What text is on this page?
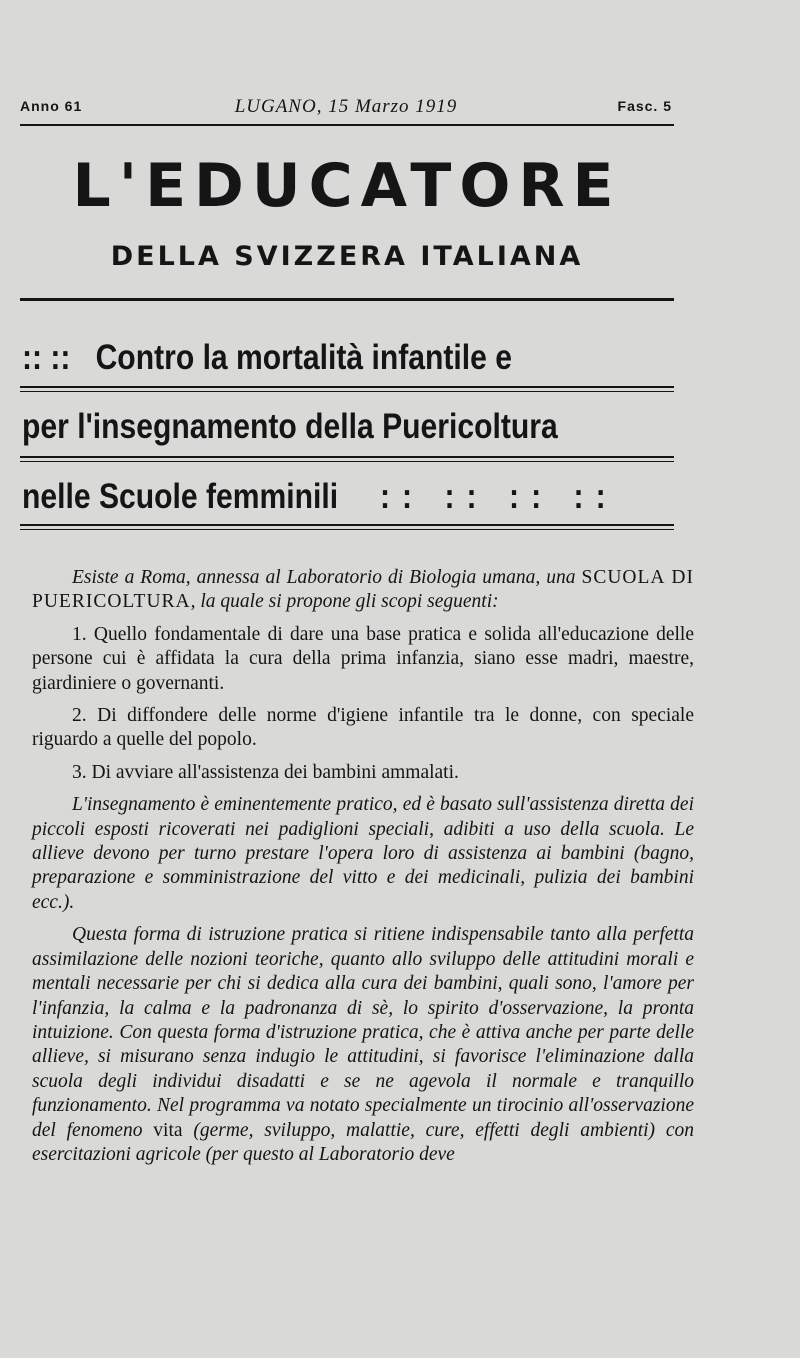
Anno 61	LUGANO, 15 Marzo 1919	Fasc. 5
L'EDUCATORE
DELLA SVIZZERA ITALIANA
:: :: Contro la mortalità infantile e
per l'insegnamento della Puericoltura
nelle Scuole femminili :: :: :: ::

Esiste a Roma, annessa al Laboratorio di Biologia umana, una SCUOLA DI PUERICOLTURA, la quale si propone gli scopi seguenti:

1. Quello fondamentale di dare una base pratica e solida all'educazione delle persone cui è affidata la cura della prima infanzia, siano esse madri, maestre, giardiniere o governanti.

2. Di diffondere delle norme d'igiene infantile tra le donne, con speciale riguardo a quelle del popolo.

3. Di avviare all'assistenza dei bambini ammalati.

L'insegnamento è eminentemente pratico, ed è basato sull'assistenza diretta dei piccoli esposti ricoverati nei padiglioni speciali, adibiti a uso della scuola. Le allieve devono per turno prestare l'opera loro di assistenza ai bambini (bagno, preparazione e somministrazione del vitto e dei medicinali, pulizia dei bambini ecc.).

Questa forma di istruzione pratica si ritiene indispensabile tanto alla perfetta assimilazione delle nozioni teoriche, quanto allo sviluppo delle attitudini morali e mentali necessarie per chi si dedica alla cura dei bambini, quali sono, l'amore per l'infanzia, la calma e la padronanza di sè, lo spirito d'osservazione, la pronta intuizione. Con questa forma d'istruzione pratica, che è attiva anche per parte delle allieve, si misurano senza indugio le attitudini, si favorisce l'eliminazione dalla scuola degli individui disadatti e se ne agevola il normale e tranquillo funzionamento. Nel programma va notato specialmente un tirocinio all'osservazione del fenomeno vita (germe, sviluppo, malattie, cure, effetti degli ambienti) con esercitazioni agricole (per questo al Laboratorio deve
